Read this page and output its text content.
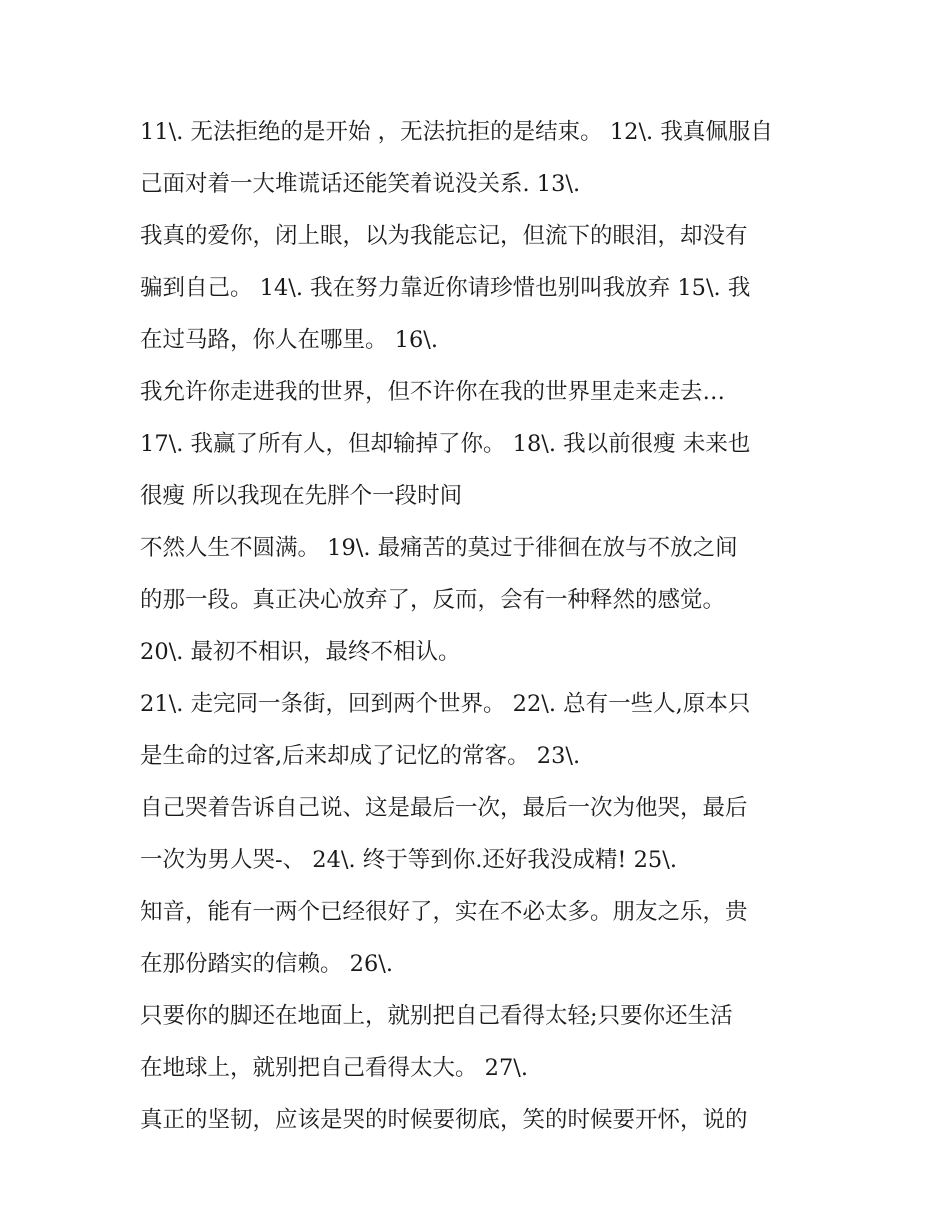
11\. 无法拒绝的是开始 ，无法抗拒的是结束。 12\. 我真佩服自
己面对着一大堆谎话还能笑着说没关系. 13\.
我真的爱你，闭上眼，以为我能忘记，但流下的眼泪，却没有
骗到自己。 14\. 我在努力靠近你请珍惜也别叫我放弃 15\. 我
在过马路，你人在哪里。 16\.
我允许你走进我的世界，但不许你在我的世界里走来走去…
17\. 我赢了所有人，但却输掉了你。 18\. 我以前很瘦 未来也
很瘦 所以我现在先胖个一段时间
不然人生不圆满。 19\. 最痛苦的莫过于徘徊在放与不放之间
的那一段。真正决心放弃了，反而，会有一种释然的感觉。
20\. 最初不相识，最终不相认。
21\. 走完同一条街，回到两个世界。 22\. 总有一些人,原本只
是生命的过客,后来却成了记忆的常客。 23\.
自己哭着告诉自己说、这是最后一次，最后一次为他哭，最后
一次为男人哭-、 24\. 终于等到你.还好我没成精! 25\.
知音，能有一两个已经很好了，实在不必太多。朋友之乐，贵
在那份踏实的信赖。 26\.
只要你的脚还在地面上，就别把自己看得太轻;只要你还生活
在地球上，就别把自己看得太大。 27\.
真正的坚韧，应该是哭的时候要彻底，笑的时候要开怀，说的
